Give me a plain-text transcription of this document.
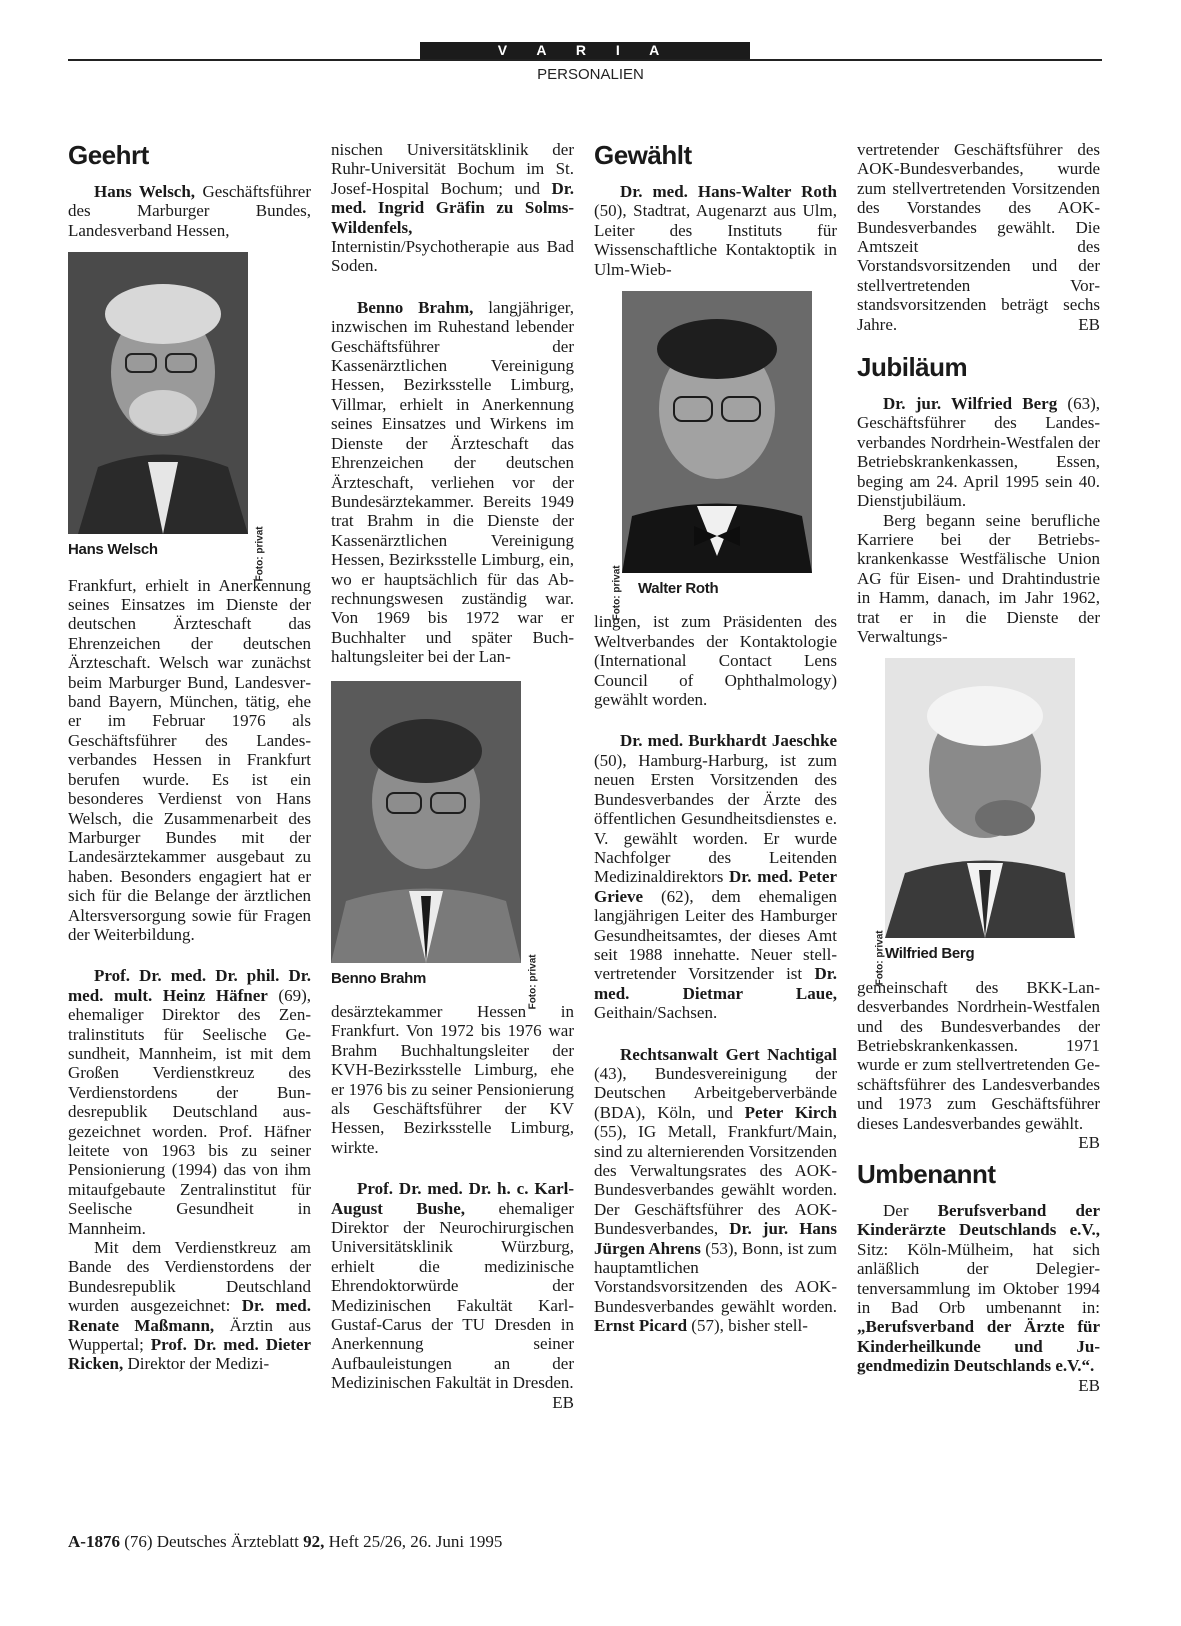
V A R I A
PERSONALIEN
Geehrt

Hans Welsch, Geschäftsführer des Marburger Bundes, Landesverband Hessen,

Foto: privat
Hans Welsch

Frankfurt, erhielt in Anerkennung seines Einsatzes im Dienste der deutschen Ärzteschaft das Ehrenzeichen der deutschen Ärzteschaft. Welsch war zunächst beim Marburger Bund, Landesverband Bayern, München, tätig, ehe er im Februar 1976 als Geschäftsführer des Landesverbandes Hessen in Frankfurt berufen wurde. Es ist ein besonderes Verdienst von Hans Welsch, die Zusammenarbeit des Marburger Bundes mit der Landesärztekammer ausgebaut zu haben. Besonders engagiert hat er sich für die Belange der ärztlichen Altersversorgung sowie für Fragen der Weiterbildung.

Prof. Dr. med. Dr. phil. Dr. med. mult. Heinz Häfner (69), ehemaliger Direktor des Zentralinstituts für Seelische Gesundheit, Mannheim, ist mit dem Großen Verdienstkreuz des Verdienstordens der Bundesrepublik Deutschland ausgezeichnet worden. Prof. Häfner leitete von 1963 bis zu seiner Pensionierung (1994) das von ihm mitaufgebaute Zentralinstitut für Seelische Gesundheit in Mannheim.

Mit dem Verdienstkreuz am Bande des Verdienstordens der Bundesrepublik Deutschland wurden ausgezeichnet: Dr. med. Renate Maßmann, Ärztin aus Wuppertal; Prof. Dr. med. Dieter Ricken, Direktor der Medizi-

nischen Universitätsklinik der Ruhr-Universität Bochum im St. Josef-Hospital Bochum; und Dr. med. Ingrid Gräfin zu Solms-Wildenfels, Internistin/Psychotherapie aus Bad Soden.

Benno Brahm, langjähriger, inzwischen im Ruhestand lebender Geschäftsführer der Kassenärztlichen Vereinigung Hessen, Bezirksstelle Limburg, Villmar, erhielt in Anerkennung seines Einsatzes und Wirkens im Dienste der Ärzteschaft das Ehrenzeichen der deutschen Ärzteschaft, verliehen vor der Bundesärztekammer. Bereits 1949 trat Brahm in die Dienste der Kassenärztlichen Vereinigung Hessen, Bezirksstelle Limburg, ein, wo er hauptsächlich für das Abrechnungswesen zuständig war. Von 1969 bis 1972 war er Buchhalter und später Buchhaltungsleiter bei der Lan-

Foto: privat
Benno Brahm

desärztekammer Hessen in Frankfurt. Von 1972 bis 1976 war Brahm Buchhaltungsleiter der KVH-Bezirksstelle Limburg, ehe er 1976 bis zu seiner Pensionierung als Geschäftsführer der KV Hessen, Bezirksstelle Limburg, wirkte.

Prof. Dr. med. Dr. h. c. Karl-August Bushe, ehemaliger Direktor der Neurochirurgischen Universitätsklinik Würzburg, erhielt die medizinische Ehrendoktorwürde der Medizinischen Fakultät Karl-Gustaf-Carus der TU Dresden in Anerkennung seiner Aufbauleistungen an der Medizinischen Fakultät in Dresden.
EB

Gewählt

Dr. med. Hans-Walter Roth (50), Stadtrat, Augenarzt aus Ulm, Leiter des Instituts für Wissenschaftliche Kontaktoptik in Ulm-Wieb-

Foto: privat Walter Roth

lingen, ist zum Präsidenten des Weltverbandes der Kontaktologie (International Contact Lens Council of Ophthalmology) gewählt worden.

Dr. med. Burkhardt Jaeschke (50), Hamburg-Harburg, ist zum neuen Ersten Vorsitzenden des Bundesverbandes der Ärzte des öffentlichen Gesundheitsdienstes e. V. gewählt worden. Er wurde Nachfolger des Leitenden Medizinaldirektors Dr. med. Peter Grieve (62), dem ehemaligen langjährigen Leiter des Hamburger Gesundheitsamtes, der dieses Amt seit 1988 innehatte. Neuer stellvertretender Vorsitzender ist Dr. med. Dietmar Laue, Geithain/Sachsen.

Rechtsanwalt Gert Nachtigal (43), Bundesvereinigung der Deutschen Arbeitgeberverbände (BDA), Köln, und Peter Kirch (55), IG Metall, Frankfurt/Main, sind zu alternierenden Vorsitzenden des Verwaltungsrates des AOK-Bundesverbandes gewählt worden. Der Geschäftsführer des AOK-Bundesverbandes, Dr. jur. Hans Jürgen Ahrens (53), Bonn, ist zum hauptamtlichen Vorstandsvorsitzenden des AOK-Bundesverbandes gewählt worden. Ernst Picard (57), bisher stell-

vertretender Geschäftsführer des AOK-Bundesverbandes, wurde zum stellvertretenden Vorsitzenden des Vorstandes des AOK-Bundesverbandes gewählt. Die Amtszeit des Vorstandsvorsitzenden und der stellvertretenden Vorstandsvorsitzenden beträgt sechs Jahre.	EB

Jubiläum

Dr. jur. Wilfried Berg (63), Geschäftsführer des Landesverbandes Nordrhein-Westfalen der Betriebskrankenkassen, Essen, beging am 24. April 1995 sein 40. Dienstjubiläum.

Berg begann seine berufliche Karriere bei der Betriebskrankenkasse Westfälische Union AG für Eisen- und Drahtindustrie in Hamm, danach, im Jahr 1962, trat er in die Dienste der Verwaltungs-

Foto: privat Wilfried Berg

gemeinschaft des BKK-Landesverbandes Nordrhein-Westfalen und des Bundesverbandes der Betriebskrankenkassen. 1971 wurde er zum stellvertretenden Geschäftsführer des Landesverbandes und 1973 zum Geschäftsführer dieses Landesverbandes gewählt.
EB

Umbenannt

Der Berufsverband der Kinderärzte Deutschlands e.V., Sitz: Köln-Mülheim, hat sich anläßlich der Delegiertenversammlung im Oktober 1994 in Bad Orb umbenannt in: „Berufsverband der Ärzte für Kinderheilkunde und Jugendmedizin Deutschlands e.V.“.
EB

A-1876 (76) Deutsches Ärzteblatt 92, Heft 25/26, 26. Juni 1995
